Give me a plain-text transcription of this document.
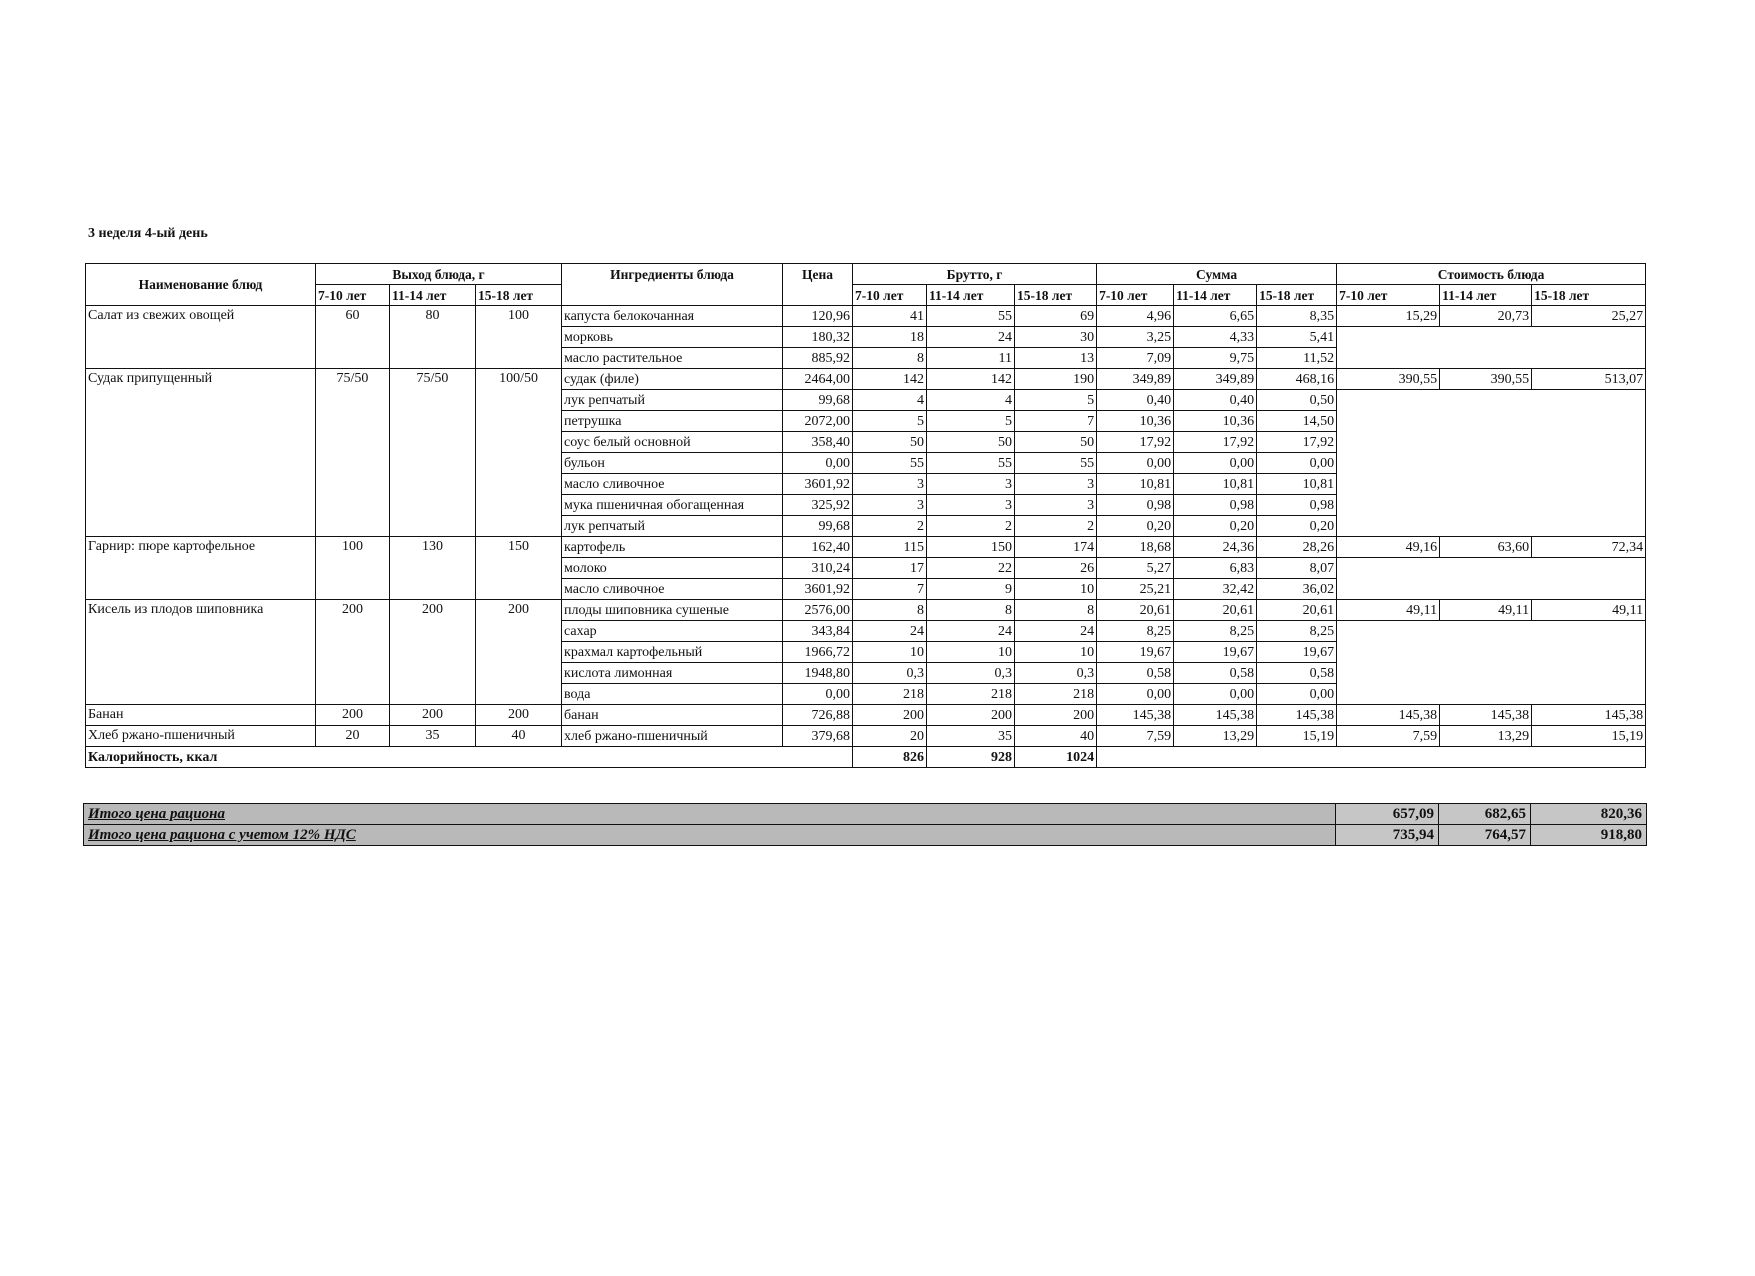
3 неделя 4-ый день
Наименование блюд	Выход блюда, г			Ингредиенты блюда	Цена	Брутто, г			Сумма			Стоимость блюда		
	7-10 лет	11-14 лет	15-18 лет			7-10 лет	11-14 лет	15-18 лет	7-10 лет	11-14 лет	15-18 лет	7-10 лет	11-14 лет	15-18 лет
Салат из свежих овощей	60	80	100	капуста белокочанная	120,96	41	55	69	4,96	6,65	8,35	15,29	20,73	25,27
				морковь	180,32	18	24	30	3,25	4,33	5,41			
				масло растительное	885,92	8	11	13	7,09	9,75	11,52			
Судак припущенный	75/50	75/50	100/50	судак (филе)	2464,00	142	142	190	349,89	349,89	468,16	390,55	390,55	513,07
				лук репчатый	99,68	4	4	5	0,40	0,40	0,50			
				петрушка	2072,00	5	5	7	10,36	10,36	14,50			
				соус белый основной	358,40	50	50	50	17,92	17,92	17,92			
				бульон	0,00	55	55	55	0,00	0,00	0,00			
				масло сливочное	3601,92	3	3	3	10,81	10,81	10,81			
				мука пшеничная обогащенная	325,92	3	3	3	0,98	0,98	0,98			
				лук репчатый	99,68	2	2	2	0,20	0,20	0,20			
Гарнир: пюре картофельное	100	130	150	картофель	162,40	115	150	174	18,68	24,36	28,26	49,16	63,60	72,34
				молоко	310,24	17	22	26	5,27	6,83	8,07			
				масло сливочное	3601,92	7	9	10	25,21	32,42	36,02			
Кисель из плодов шиповника	200	200	200	плоды шиповника сушеные	2576,00	8	8	8	20,61	20,61	20,61	49,11	49,11	49,11
				сахар	343,84	24	24	24	8,25	8,25	8,25			
				крахмал картофельный	1966,72	10	10	10	19,67	19,67	19,67			
				кислота лимонная	1948,80	0,3	0,3	0,3	0,58	0,58	0,58			
				вода	0,00	218	218	218	0,00	0,00	0,00			
Банан	200	200	200	банан	726,88	200	200	200	145,38	145,38	145,38	145,38	145,38	145,38
Хлеб ржано-пшеничный	20	35	40	хлеб ржано-пшеничный	379,68	20	35	40	7,59	13,29	15,19	7,59	13,29	15,19
Калорийность, ккал						826	928	1024						
Итого цена рациона	657,09	682,65	820,36
Итого цена рациона с учетом 12% НДС	735,94	764,57	918,80
